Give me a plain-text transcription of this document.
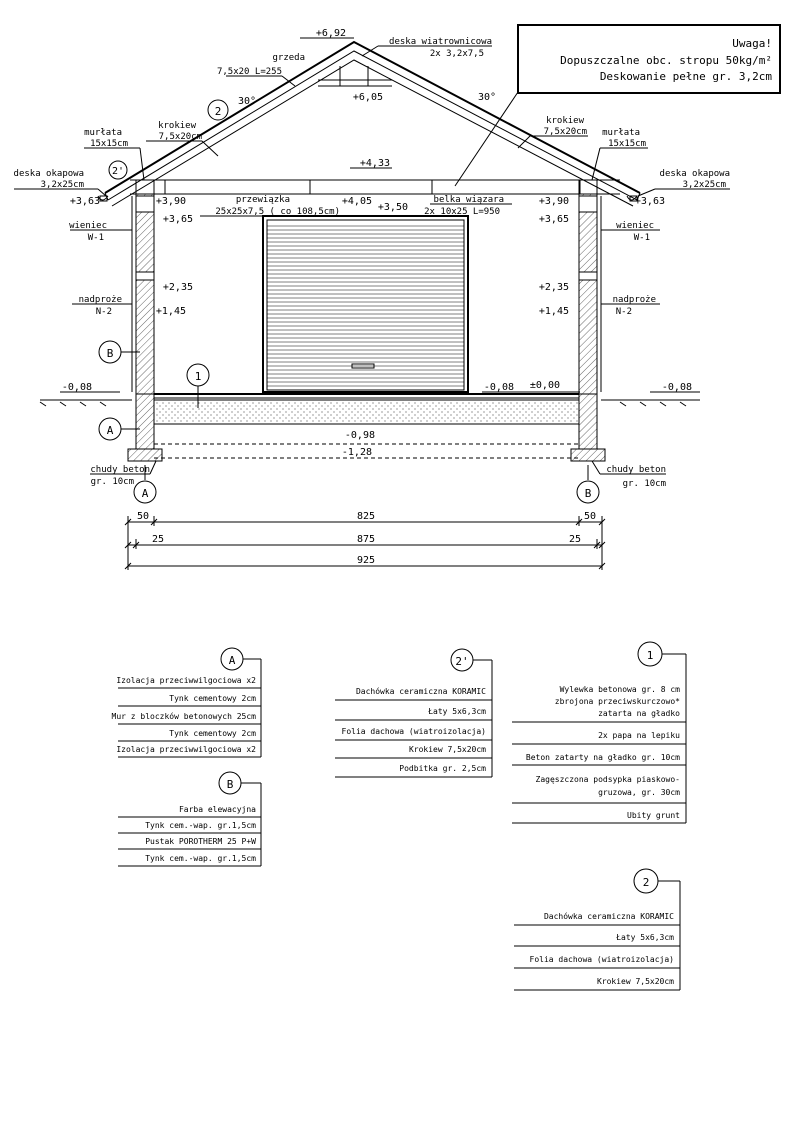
Uwaga!
Dopuszczalne obc. stropu 50kg/m²
Deskowanie pełne gr. 3,2cm
+6,92
deska wiatrownicowa
2x 3,2x7,5
grzeda
7,5x20 L=255
+6,05
30°	30°
2
krokiew
7,5x20cm
krokiew
7,5x20cm
murłata
15x15cm
murłata
15x15cm
2'
deska okapowa
3,2x25cm
deska okapowa
3,2x25cm
+4,33
belka wiązara
2x 10x25 L=950
przewiązka
25x25x7,5 ( co 108,5cm)
+4,05
+3,50
+3,63	+3,63
+3,90
+3,65
+3,90
+3,65
wieniec
W-1
wieniec
W-1
+2,35	+2,35
+1,45	+1,45
nadproże
N-2
nadproże
N-2
B
A
1
-0,08	-0,08
-0,08 ±0,00
-0,98
-1,28
chudy beton
gr. 10cm
chudy beton
gr. 10cm
A	B
50	825	50
25	875	25
925
A
Izolacja przeciwwilgociowa x2
Tynk cementowy 2cm
Mur z bloczków betonowych 25cm
Tynk cementowy 2cm
Izolacja przeciwwilgociowa x2
B
Farba elewacyjna
Tynk cem.-wap. gr.1,5cm
Pustak POROTHERM 25 P+W
Tynk cem.-wap. gr.1,5cm
2'
Dachówka ceramiczna KORAMIC
Łaty 5x6,3cm
Folia dachowa (wiatroizolacja)
Krokiew 7,5x20cm
Podbitka gr. 2,5cm
1
Wylewka betonowa gr. 8 cm
zbrojona przeciwskurczowo*
zatarta na gładko
2x papa na lepiku
Beton zatarty na gładko gr. 10cm
Zagęszczona podsypka piaskowo-
gruzowa, gr. 30cm
Ubity grunt
2
Dachówka ceramiczna KORAMIC
Łaty 5x6,3cm
Folia dachowa (wiatroizolacja)
Krokiew 7,5x20cm
